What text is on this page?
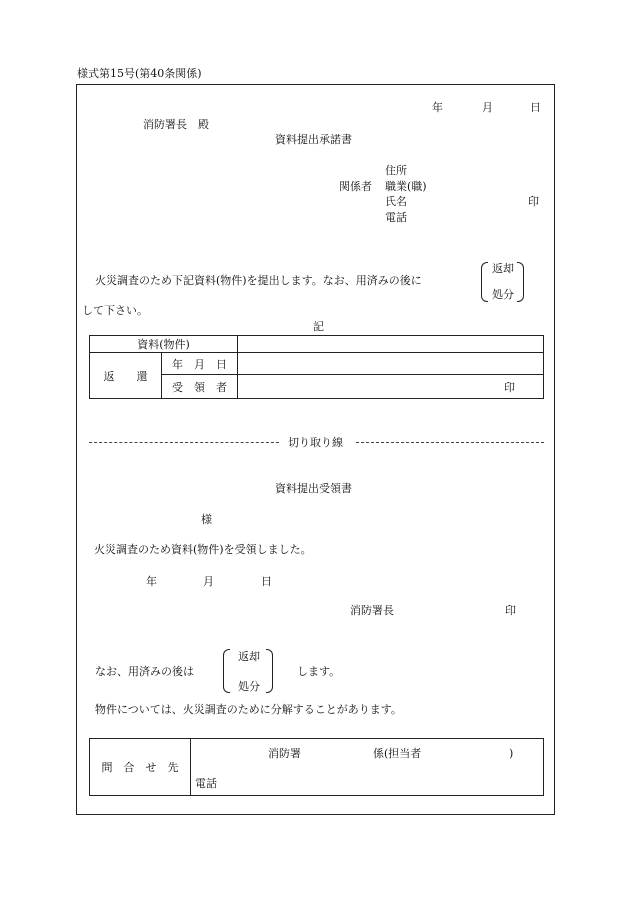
様式第15号(第40条関係)
年	月	日
消防署長　殿
資料提出承諾書
関係者
住所
職業(職)
氏名	印
電話
火災調査のため下記資料(物件)を提出します。なお、用済みの後に
返却
処分
して下さい。
記
資料(物件)		
返　　還	年　月　日	
	受　領　者	印
切り取り線
資料提出受領書
様
火災調査のため資料(物件)を受領しました。
年	月	日
消防署長	印
なお、用済みの後は
返却
処分
します。
物件については、火災調査のために分解することがあります。
問　合　せ　先	
消防署	係(担当者	)
電話
